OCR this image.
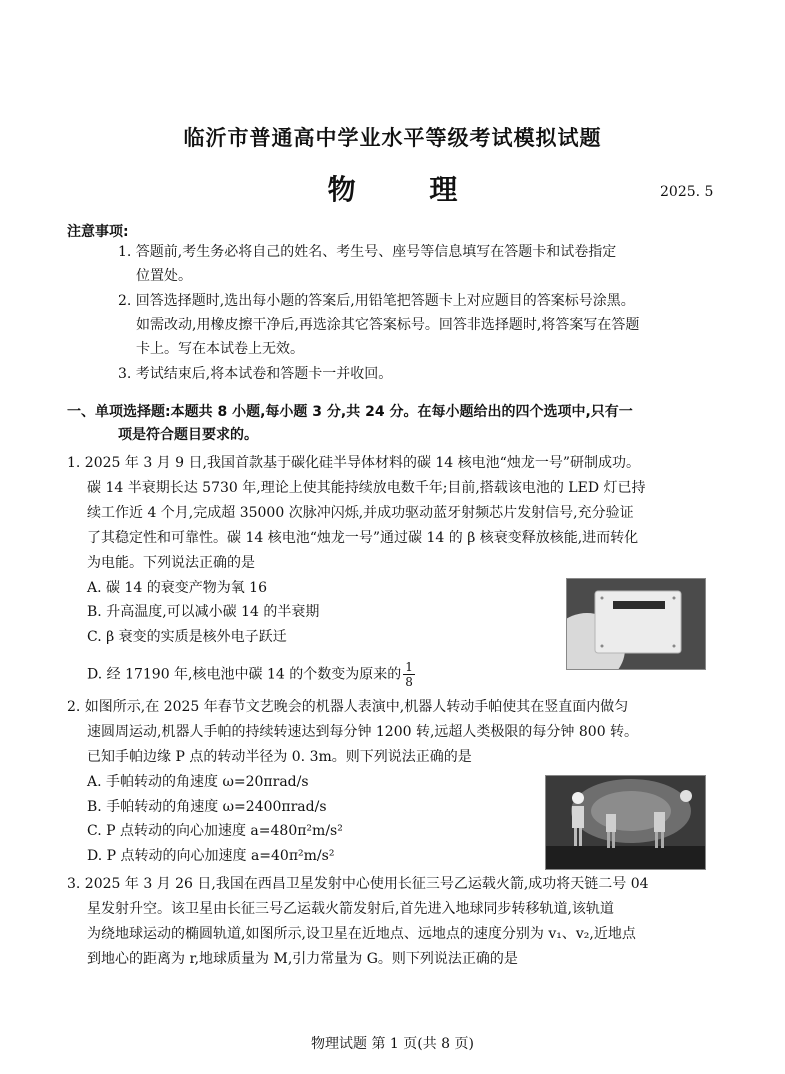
临沂市普通高中学业水平等级考试模拟试题
物 理	2025. 5
注意事项:
1. 答题前,考生务必将自己的姓名、考生号、座号等信息填写在答题卡和试卷指定
位置处。
2. 回答选择题时,选出每小题的答案后,用铅笔把答题卡上对应题目的答案标号涂黑。
如需改动,用橡皮擦干净后,再选涂其它答案标号。回答非选择题时,将答案写在答题
卡上。写在本试卷上无效。
3. 考试结束后,将本试卷和答题卡一并收回。
一、单项选择题:本题共 8 小题,每小题 3 分,共 24 分。在每小题给出的四个选项中,只有一
项是符合题目要求的。
1. 2025 年 3 月 9 日,我国首款基于碳化硅半导体材料的碳 14 核电池“烛龙一号”研制成功。
碳 14 半衰期长达 5730 年,理论上使其能持续放电数千年;目前,搭载该电池的 LED 灯已持
续工作近 4 个月,完成超 35000 次脉冲闪烁,并成功驱动蓝牙射频芯片发射信号,充分验证
了其稳定性和可靠性。碳 14 核电池“烛龙一号”通过碳 14 的 β 核衰变释放核能,进而转化
为电能。下列说法正确的是
A. 碳 14 的衰变产物为氧 16
B. 升高温度,可以减小碳 14 的半衰期
C. β 衰变的实质是核外电子跃迁
D. 经 17190 年,核电池中碳 14 的个数变为原来的 $\frac{1}{8}$
2. 如图所示,在 2025 年春节文艺晚会的机器人表演中,机器人转动手帕使其在竖直面内做匀
速圆周运动,机器人手帕的持续转速达到每分钟 1200 转,远超人类极限的每分钟 800 转。
已知手帕边缘 P 点的转动半径为 0. 3m。则下列说法正确的是
A. 手帕转动的角速度 ω=20πrad/s
B. 手帕转动的角速度 ω=2400πrad/s
C. P 点转动的向心加速度 a=480π²m/s²
D. P 点转动的向心加速度 a=40π²m/s²
3. 2025 年 3 月 26 日,我国在西昌卫星发射中心使用长征三号乙运载火箭,成功将天链二号 04
星发射升空。该卫星由长征三号乙运载火箭发射后,首先进入地球同步转移轨道,该轨道
为绕地球运动的椭圆轨道,如图所示,设卫星在近地点、远地点的速度分别为 v₁、v₂,近地点
到地心的距离为 r,地球质量为 M,引力常量为 G。则下列说法正确的是
物理试题 第 1 页(共 8 页)
